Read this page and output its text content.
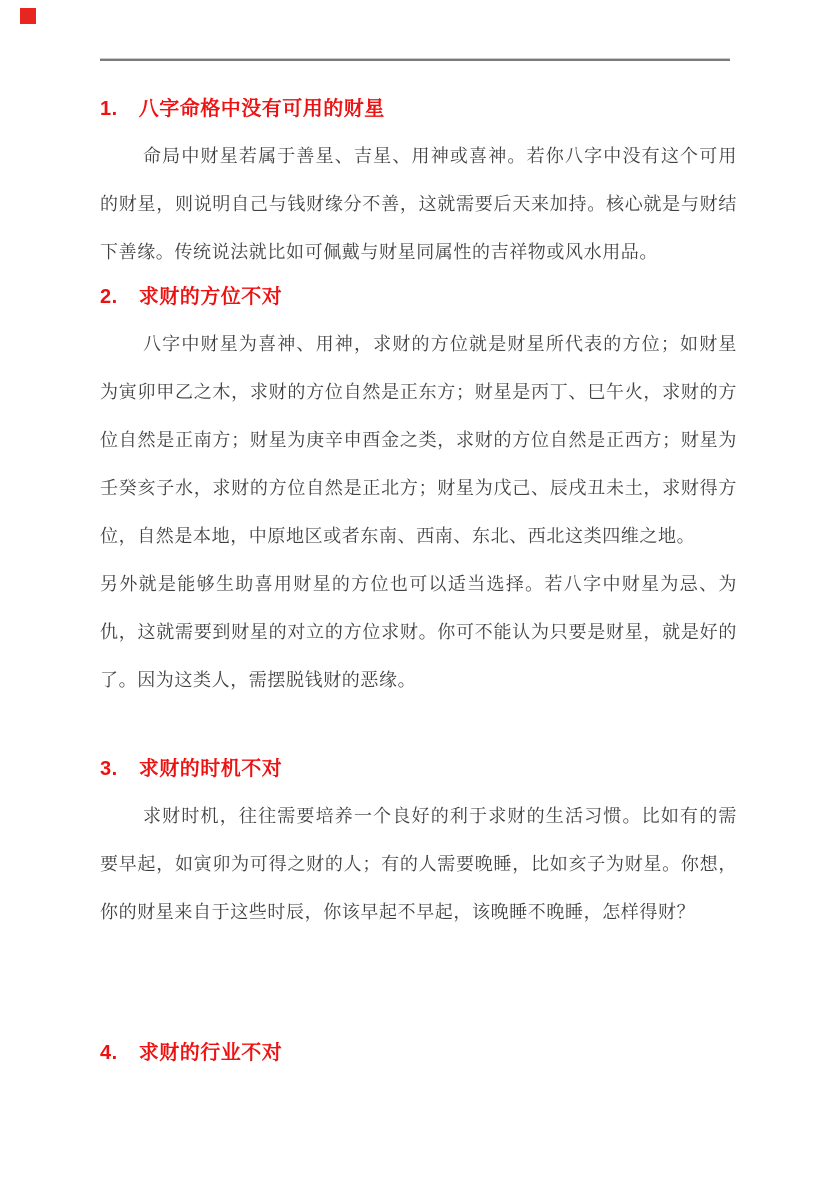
1. 八字命格中没有可用的财星

命局中财星若属于善星、吉星、用神或喜神。若你八字中没有这个可用的财星，则说明自己与钱财缘分不善，这就需要后天来加持。核心就是与财结下善缘。传统说法就比如可佩戴与财星同属性的吉祥物或风水用品。

2. 求财的方位不对

八字中财星为喜神、用神，求财的方位就是财星所代表的方位；如财星为寅卯甲乙之木，求财的方位自然是正东方；财星是丙丁、巳午火，求财的方位自然是正南方；财星为庚辛申酉金之类，求财的方位自然是正西方；财星为壬癸亥子水，求财的方位自然是正北方；财星为戊己、辰戌丑未土，求财得方位，自然是本地，中原地区或者东南、西南、东北、西北这类四维之地。

另外就是能够生助喜用财星的方位也可以适当选择。若八字中财星为忌、为仇，这就需要到财星的对立的方位求财。你可不能认为只要是财星，就是好的了。因为这类人，需摆脱钱财的恶缘。

3. 求财的时机不对

求财时机，往往需要培养一个良好的利于求财的生活习惯。比如有的需要早起，如寅卯为可得之财的人；有的人需要晚睡，比如亥子为财星。你想，你的财星来自于这些时辰，你该早起不早起，该晚睡不晚睡，怎样得财？

4. 求财的行业不对
